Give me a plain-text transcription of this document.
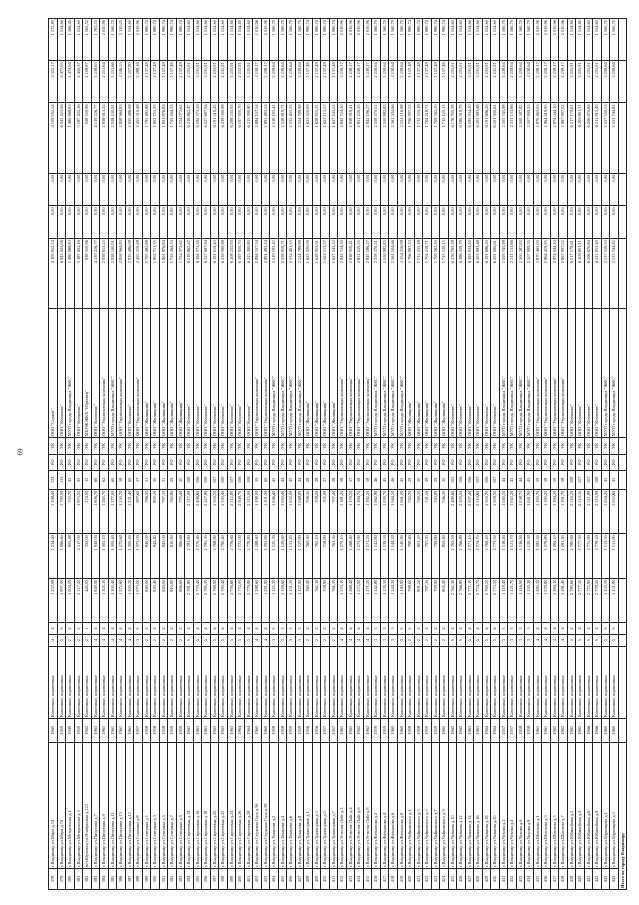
69
378	г.Владимир ул.Мира д.54	1960	Каменные, кирпичные	4	4	1 237,08	1 234,40	1 198,40	124	РО	УК	ООО "Сервис"	4 109 952,54	0,00	0,00	4 109 952,54	3 322,17	1 572,80
379	г.Владимир ул.Мира д.74	1959	Каменные, кирпичные	3	3	1 997,00	1 996,60	1 790,00	113	РО	УК	ООО "Комплекс"	6 943 423,06	0,00	0,00	6 943 423,06	3 477,03	1 554,60
380	г.Владимир ул.Менделеева д.1	1949	Каменные, кирпичные	2	2	1 004,09	903,48	733,70	42	РО	УК	МУП города Владимира "ЖКС"	1 480 968,83	0,00	0,00	1 480 968,83	1 474,94	1 366,45
381	г.Владимир ул.Менделеева д.3	1959	Каменные, кирпичные	2	2	2 117,00	2 117,00	1 975,00	93	РО	УК	ООО "Комплекс"	5 187 432,16	0,00	0,00	5 187 432,16	2 450,37	1 554,60
382	пгт.Юрьевец ул.Ноябрьская д.123	1962	Каменные, кирпичные	2	1	445,05	332,00	274,00	12	РО	УК	МБУЖ ЖКХ "Юрьевец"	938 550,96	0,00	0,00	938 550,96	2 108,87	1 563,52
383	г.Владимир ул.Пичугина д.7	1963	Каменные, кирпичные	4	4	1 849,00	1 849,00	1 606,70	60	РО	УК	ООО "Комплекс"	4 139 226,77	0,00	0,00	4 139 226,77	2 238,63	1 763,53
384	г.Владимир ул.Пичугина д.9	1961	Каменные, кирпичные	4	4	1 305,10	1 305,10	1 265,70	62	РО	УК	ООО "Управляющая компания"	2 938 613,25	0,00	0,00	2 938 613,25	2 251,64	2 010,96
385	г.Владимир ул.Пичугина д.11	1961	Каменные, кирпичные	4	4	1 300,40	1 300,40	1 277,00	60	РО	УК	МУП города Владимира "ЖКС"	2 928 100,91	0,00	0,00	2 928 100,91	2 251,66	1 560,70
386	г.Владимир ул.Пичугина д.13	1961	Каменные, кирпичные	4	4	1 272,60	1 272,60	1 230,70	58	РО	УК	ООО "Управляющая компания"	2 858 964,83	0,00	0,00	2 858 964,83	2 246,55	2 110,05
387	г.Владимир ул.Пичугина д.15	1961	Каменные, кирпичные	4	4	1 300,20	1 300,20	1 231,40	60	РО	УК	ООО "Комплекс"	2 935 486,08	0,00	0,00	2 935 486,08	2 257,80	1 554,60
388	г.Владимир ул.Семашко д.8	1957	Каменные, кирпичные	3	3	1 073,00	1 073,00	997,60	37	РО	УК	ООО "Управляющая компания"	2 455 310,48	0,00	0,00	2 455 310,48	2 288,26	2 010,96
389	г.Владимир ул.Северная д.1	1958	Каменные, кирпичные	2	2	840,00	840,00	786,00	31	РО	УК	ООО "Жилищник"	1 795 482,88	0,00	0,00	1 795 482,88	2 137,48	1 980,74
390	г.Владимир ул.Северная д.3	1958	Каменные, кирпичные	2	2	843,40	843,40	800,20	30	РО	УК	ООО "Жилищник"	1 802 751,35	0,00	0,00	1 802 751,35	2 137,48	1 980,74
391	г.Владимир ул.Северная д.5	1958	Каменные, кирпичные	2	2	843,00	843,00	797,50	31	РО	УК	ООО "Жилищник"	1 801 876,84	0,00	0,00	1 801 876,84	2 137,48	1 980,74
392	г.Владимир ул.Северная д.7	1959	Каменные, кирпичные	2	2	810,90	810,90	765,80	29	РО	УК	ООО "Жилищник"	1 733 264,33	0,00	0,00	1 733 264,33	2 137,48	1 980,74
393	г.Владимир ул.Северная д.9	1959	Каменные, кирпичные	2	2	806,60	806,60	770,40	30	РО	УК	ООО "Жилищник"	1 724 072,62	0,00	0,00	1 724 072,62	2 137,48	1 980,74
394	г.Владимир ул.Сиреневая д.14	1963	Каменные, кирпичные	5	4	2 781,80	2 781,80	2 517,00	108	РО	УК	ООО "Комплекс"	6 219 862,47	0,00	0,00	6 219 862,47	2 235,91	1 554,60
395	г.Владимир ул.Сиреневая д.16	1963	Каменные, кирпичные	5	4	2 770,40	2 770,40	2 496,60	106	РО	УК	ООО "Комплекс"	6 194 373,29	0,00	0,00	6 194 373,29	2 235,91	1 554,60
396	г.Владимир ул.Сиреневая д.18	1963	Каменные, кирпичные	5	4	2 785,30	2 785,30	2 527,80	108	РО	УК	ООО "Комплекс"	6 227 687,94	0,00	0,00	6 227 687,94	2 235,91	1 554,60
397	г.Владимир ул.Сиреневая д.20	1963	Каменные, кирпичные	5	4	2 768,90	2 768,90	2 505,50	107	РО	УК	ООО "Комплекс"	6 191 019,43	0,00	0,00	6 191 019,43	2 235,91	1 554,60
398	г.Владимир ул.Сиреневая д.22	1963	Каменные, кирпичные	5	4	2 790,40	2 790,40	2 530,40	108	РО	УК	ООО "Комплекс"	6 239 090,98	0,00	0,00	6 239 090,98	2 235,91	1 554,60
399	г.Владимир ул.Сиреневая д.24	1963	Каменные, кирпичные	5	4	2 776,60	2 776,60	2 512,80	107	РО	УК	ООО "Комплекс"	6 208 235,93	0,00	0,00	6 208 235,93	2 235,91	1 554,60
400	г.Владимир ул.Сиреневая д.26	1964	Каменные, кирпичные	5	4	2 772,00	2 772,00	2 508,70	106	РО	УК	ООО "Комплекс"	6 197 950,70	0,00	0,00	6 197 950,70	2 235,91	1 554,60
401	г.Владимир ул.Сиреневая д.28	1964	Каменные, кирпичные	5	4	2 779,80	2 779,80	2 515,00	108	РО	УК	ООО "Комплекс"	6 215 390,80	0,00	0,00	6 215 390,80	2 235,91	1 554,60
402	г.Владимир ул.Студеная Гора д.36	1960	Каменные, кирпичные	4	4	1 288,60	1 288,60	1 198,00	59	РО	УК	ООО "Управляющая компания"	2 884 107,54	0,00	0,00	2 884 107,54	2 238,17	2 010,96
403	г.Владимир ул.Студеная Гора д.38	1960	Каменные, кирпичные	4	4	1 291,90	1 291,90	1 201,30	60	РО	УК	ООО "Управляющая компания"	2 891 493,24	0,00	0,00	2 891 493,24	2 238,17	2 010,96
404	г.Владимир ул.Токарева д.2	1958	Каменные, кирпичные	3	3	1 125,30	1 125,30	1 046,40	45	РО	УК	МУП города Владимира "ЖКС"	2 519 193,42	0,00	0,00	2 519 193,42	2 238,64	1 560,70
405	г.Владимир ул.Токарева д.4	1958	Каменные, кирпичные	3	3	1 129,60	1 129,60	1 050,40	44	РО	УК	МУП города Владимира "ЖКС"	2 528 819,71	0,00	0,00	2 528 819,71	2 238,64	1 560,70
406	г.Владимир ул.Токарева д.6	1959	Каменные, кирпичные	3	3	1 131,20	1 131,20	1 052,00	45	РО	УК	МУП города Владимира "ЖКС"	2 532 401,55	0,00	0,00	2 532 401,55	2 238,64	1 560,70
407	г.Владимир ул.Токарева д.8	1959	Каменные, кирпичные	3	3	1 127,80	1 127,80	1 048,80	44	РО	УК	МУП города Владимира "ЖКС"	2 524 789,98	0,00	0,00	2 524 789,98	2 238,64	1 560,70
408	г.Владимир ул.Тракторная д.1	1956	Каменные, кирпичные	2	2	760,40	760,40	706,50	28	РО	УК	ООО "Жилищник"	1 625 320,09	0,00	0,00	1 625 320,09	2 137,48	1 980,74
409	г.Владимир ул.Тракторная д.3	1956	Каменные, кирпичные	2	2	762,10	762,10	708,20	28	РО	УК	ООО "Жилищник"	1 628 953,51	0,00	0,00	1 628 953,51	2 137,48	1 980,74
410	г.Владимир ул.Тракторная д.5	1957	Каменные, кирпичные	2	2	758,90	758,90	705,00	27	РО	УК	ООО "Жилищник"	1 622 113,57	0,00	0,00	1 622 113,57	2 137,48	1 980,74
411	г.Владимир ул.Тракторная д.7	1957	Каменные, кирпичные	2	2	761,30	761,30	707,40	28	РО	УК	ООО "Жилищник"	1 627 243,52	0,00	0,00	1 627 243,52	2 137,48	1 980,74
412	г.Владимир ул.Усти-на-Лабе д.2	1961	Каменные, кирпичные	4	4	1 270,10	1 270,10	1 181,20	58	РО	УК	ООО "Управляющая компания"	2 842 724,30	0,00	0,00	2 842 724,30	2 238,17	2 010,96
413	г.Владимир ул.Усти-на-Лабе д.4	1961	Каменные, кирпичные	4	4	1 268,40	1 268,40	1 179,50	57	РО	УК	ООО "Управляющая компания"	2 838 919,41	0,00	0,00	2 838 919,41	2 238,17	2 010,96
414	г.Владимир ул.Усти-на-Лабе д.6	1962	Каменные, кирпичные	4	4	1 273,90	1 273,90	1 184,70	58	РО	УК	ООО "Управляющая компания"	2 851 229,35	0,00	0,00	2 851 229,35	2 238,17	2 010,96
415	г.Владимир ул.Усти-на-Лабе д.8	1962	Каменные, кирпичные	4	4	1 271,20	1 271,20	1 182,20	58	РО	УК	ООО "Управляющая компания"	2 845 186,27	0,00	0,00	2 845 186,27	2 238,17	2 010,96
416	г.Владимир ул.Фатьянова д.2	1959	Каменные, кирпичные	3	3	1 142,80	1 142,80	1 062,80	46	РО	УК	МУП города Владимира "ЖКС"	2 558 370,51	0,00	0,00	2 558 370,51	2 238,64	1 560,70
417	г.Владимир ул.Фатьянова д.4	1959	Каменные, кирпичные	3	3	1 139,50	1 139,50	1 059,70	45	РО	УК	МУП города Владимира "ЖКС"	2 550 982,83	0,00	0,00	2 550 982,83	2 238,64	1 560,70
418	г.Владимир ул.Фатьянова д.6	1960	Каменные, кирпичные	3	3	1 144,20	1 144,20	1 064,10	46	РО	УК	МУП города Владимира "ЖКС"	2 561 504,66	0,00	0,00	2 561 504,66	2 238,64	1 560,70
419	г.Владимир ул.Фатьянова д.8	1960	Каменные, кирпичные	3	3	1 140,90	1 140,90	1 061,00	45	РО	УК	МУП города Владимира "ЖКС"	2 554 116,98	0,00	0,00	2 554 116,98	2 238,64	1 560,70
420	г.Владимир ул.Чайковского д.1	1958	Каменные, кирпичные	2	2	798,60	798,60	742,70	29	РО	УК	ООО "Жилищник"	1 706 997,53	0,00	0,00	1 706 997,53	2 137,48	1 980,74
421	г.Владимир ул.Чайковского д.3	1958	Каменные, кирпичные	2	2	801,20	801,20	745,10	30	РО	УК	ООО "Жилищник"	1 712 555,18	0,00	0,00	1 712 555,18	2 137,48	1 980,74
422	г.Владимир ул.Чайковского д.5	1959	Каменные, кирпичные	2	2	797,30	797,30	741,50	29	РО	УК	ООО "Жилищник"	1 704 218,71	0,00	0,00	1 704 218,71	2 137,48	1 980,74
423	г.Владимир ул.Чайковского д.7	1959	Каменные, кирпичные	2	2	799,80	799,80	743,80	29	РО	УК	ООО "Жилищник"	1 709 562,50	0,00	0,00	1 709 562,50	2 137,48	1 980,74
424	г.Владимир ул.Чайковского д.9	1960	Каменные, кирпичные	2	2	802,40	802,40	746,20	30	РО	УК	ООО "Жилищник"	1 715 120,15	0,00	0,00	1 715 120,15	2 137,48	1 980,74
425	г.Владимир ул.Чапаева д.10	1962	Каменные, кирпичные	5	4	2 762,50	2 762,50	2 499,60	105	РО	УК	ООО "Комплекс"	6 176 705,38	0,00	0,00	6 176 705,38	2 235,91	1 554,60
426	г.Владимир ул.Чапаева д.12	1962	Каменные, кирпичные	5	4	2 766,80	2 766,80	2 503,50	106	РО	УК	ООО "Комплекс"	6 186 319,79	0,00	0,00	6 186 319,79	2 235,91	1 554,60
427	г.Владимир ул.Чапаева д.14	1963	Каменные, кирпичные	5	4	2 771,10	2 771,10	2 507,40	106	РО	УК	ООО "Комплекс"	6 195 934,20	0,00	0,00	6 195 934,20	2 235,91	1 554,60
428	г.Владимир ул.Чапаева д.16	1963	Каменные, кирпичные	5	4	2 774,70	2 774,70	2 510,60	107	РО	УК	ООО "Комплекс"	6 203 983,48	0,00	0,00	6 203 983,48	2 235,91	1 554,60
429	г.Владимир ул.Чапаева д.18	1964	Каменные, кирпичные	5	4	2 769,20	2 769,20	2 505,70	106	РО	УК	ООО "Комплекс"	6 191 686,20	0,00	0,00	6 191 686,20	2 235,91	1 554,60
430	г.Владимир ул.Чапаева д.20	1964	Каменные, кирпичные	5	4	2 773,50	2 773,50	2 509,50	107	РО	УК	ООО "Комплекс"	6 201 300,61	0,00	0,00	6 201 300,61	2 235,91	1 554,60
431	г.Владимир ул.Чехова д.2	1957	Каменные, кирпичные	3	3	1 118,40	1 118,40	1 040,10	44	РО	УК	МУП города Владимира "ЖКС"	2 503 745,98	0,00	0,00	2 503 745,98	2 238,64	1 560,70
432	г.Владимир ул.Чехова д.4	1957	Каменные, кирпичные	3	3	1 121,70	1 121,70	1 043,20	45	РО	УК	МУП города Владимира "ЖКС"	2 511 133,66	0,00	0,00	2 511 133,66	2 238,64	1 560,70
433	г.Владимир ул.Чехова д.6	1958	Каменные, кирпичные	3	3	1 116,90	1 116,90	1 038,70	44	РО	УК	МУП города Владимира "ЖКС"	2 500 387,82	0,00	0,00	2 500 387,82	2 238,64	1 560,70
434	г.Владимир ул.Чехова д.8	1958	Каменные, кирпичные	3	3	1 120,30	1 120,30	1 041,90	45	РО	УК	МУП города Владимира "ЖКС"	2 507 999,35	0,00	0,00	2 507 999,35	2 238,64	1 560,70
435	г.Владимир ул.Шмелева д.1	1961	Каменные, кирпичные	4	4	1 282,50	1 282,50	1 192,70	59	РО	УК	ООО "Управляющая компания"	2 870 463,03	0,00	0,00	2 870 463,03	2 238,17	2 010,96
436	г.Владимир ул.Шмелева д.3	1961	Каменные, кирпичные	4	4	1 279,80	1 279,80	1 190,20	58	РО	УК	ООО "Управляющая компания"	2 864 419,95	0,00	0,00	2 864 419,95	2 238,17	2 010,96
437	г.Владимир ул.Шмелева д.5	1962	Каменные, кирпичные	4	4	1 284,10	1 284,10	1 194,20	59	РО	УК	ООО "Управляющая компания"	2 874 044,10	0,00	0,00	2 874 044,10	2 238,17	2 010,96
438	г.Владимир ул.Шмелева д.7	1962	Каменные, кирпичные	4	4	1 281,40	1 281,40	1 191,70	58	РО	УК	ООО "Управляющая компания"	2 867 997,02	0,00	0,00	2 867 997,02	2 238,17	2 010,96
439	г.Владимир ул.Юбилейная д.2	1965	Каменные, кирпичные	5	4	2 780,60	2 780,60	2 516,20	108	РО	УК	ООО "Комплекс"	6 217 179,61	0,00	0,00	6 217 179,61	2 235,91	1 554,60
440	г.Владимир ул.Юбилейная д.4	1965	Каменные, кирпичные	5	4	2 777,30	2 777,30	2 513,10	107	РО	УК	ООО "Комплекс"	6 209 801,11	0,00	0,00	6 209 801,11	2 235,91	1 554,60
441	г.Владимир ул.Юбилейная д.6	1966	Каменные, кирпичные	5	4	2 775,90	2 775,90	2 511,80	107	РО	УК	ООО "Комплекс"	6 206 670,84	0,00	0,00	6 206 670,84	2 235,91	1 554,60
442	г.Владимир ул.Юбилейная д.8	1966	Каменные, кирпичные	5	4	2 778,20	2 778,20	2 513,90	108	РО	УК	ООО "Комплекс"	6 211 813,40	0,00	0,00	6 211 813,40	2 235,91	1 554,60
443	г.Владимир ул.Ядринцева д.1	1960	Каменные, кирпичные	3	3	1 133,50	1 133,50	1 054,20	45	РО	УК	МУП города Владимира "ЖКС"	2 537 550,53	0,00	0,00	2 537 550,53	2 238,64	1 560,70
444	г.Владимир ул.Ядринцева д.3	1960	Каменные, кирпичные	3	3	1 131,80	1 131,80	1 052,60	45	РО	УК	МУП города Владимира "ЖКС"	2 533 744,82	0,00	0,00	2 533 744,82	2 238,64	1 560,70
Итого по городу Владимиру																		
